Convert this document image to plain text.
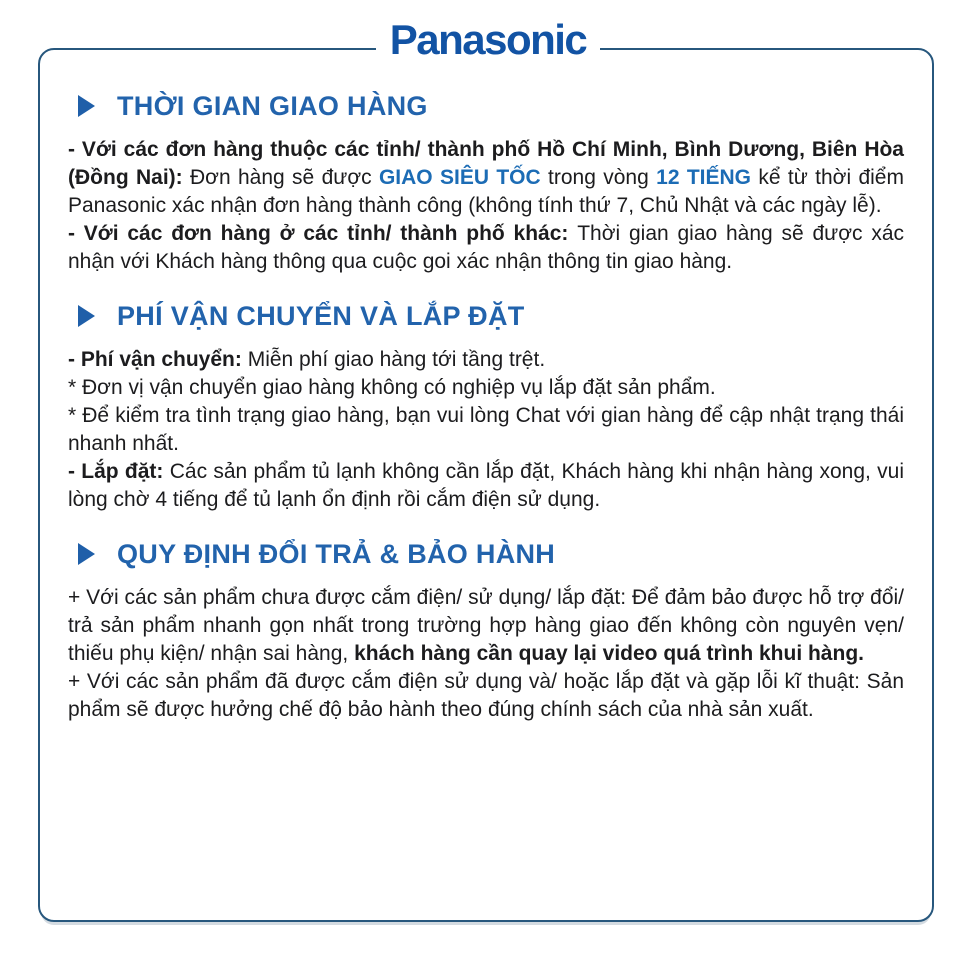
Panasonic
THỜI GIAN GIAO HÀNG

- Với các đơn hàng thuộc các tỉnh/ thành phố Hồ Chí Minh, Bình Dương, Biên Hòa (Đồng Nai): Đơn hàng sẽ được GIAO SIÊU TỐC trong vòng 12 TIẾNG kể từ thời điểm Panasonic xác nhận đơn hàng thành công (không tính thứ 7, Chủ Nhật và các ngày lễ).

- Với các đơn hàng ở các tỉnh/ thành phố khác: Thời gian giao hàng sẽ được xác nhận với Khách hàng thông qua cuộc goi xác nhận thông tin giao hàng.

PHÍ VẬN CHUYỂN VÀ LẮP ĐẶT

- Phí vận chuyển: Miễn phí giao hàng tới tầng trệt.

* Đơn vị vận chuyển giao hàng không có nghiệp vụ lắp đặt sản phẩm.

* Để kiểm tra tình trạng giao hàng, bạn vui lòng Chat với gian hàng để cập nhật trạng thái nhanh nhất.

- Lắp đặt: Các sản phẩm tủ lạnh không cần lắp đặt, Khách hàng khi nhận hàng xong, vui lòng chờ 4 tiếng để tủ lạnh ổn định rồi cắm điện sử dụng.

QUY ĐỊNH ĐỔI TRẢ & BẢO HÀNH

+ Với các sản phẩm chưa được cắm điện/ sử dụng/ lắp đặt: Để đảm bảo được hỗ trợ đổi/ trả sản phẩm nhanh gọn nhất trong trường hợp hàng giao đến không còn nguyên vẹn/ thiếu phụ kiện/ nhận sai hàng, khách hàng cần quay lại video quá trình khui hàng.

+ Với các sản phẩm đã được cắm điện sử dụng và/ hoặc lắp đặt và gặp lỗi kĩ thuật: Sản phẩm sẽ được hưởng chế độ bảo hành theo đúng chính sách của nhà sản xuất.
